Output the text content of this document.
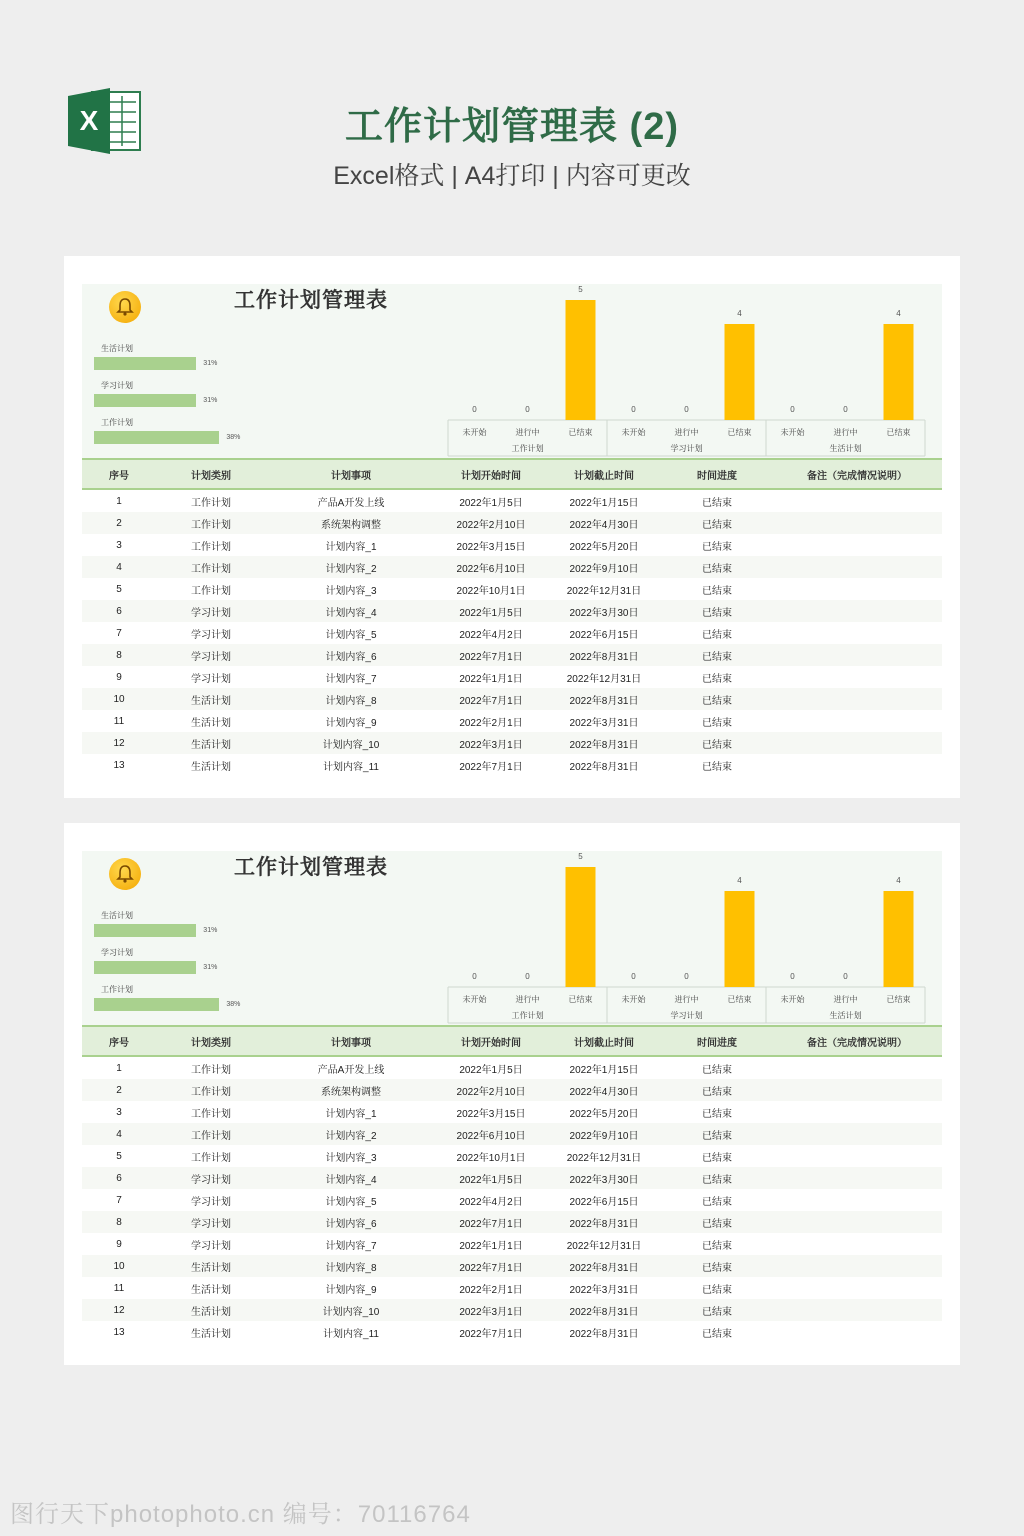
X	工作计划管理表 (2)
Excel格式 | A4打印 | 内容可更改
工作计划管理表
生活计划
31%
学习计划
31%
工作计划
38%
0
未开始
0
进行中
5
已结束
工作计划
0
未开始
0
进行中
4
已结束
学习计划
0
未开始
0
进行中
4
已结束
生活计划
序号	计划类别	计划事项	计划开始时间	计划截止时间	时间进度	备注（完成情况说明）
1	工作计划	产品A开发上线	2022年1月5日	2022年1月15日	已结束	
2	工作计划	系统架构调整	2022年2月10日	2022年4月30日	已结束	
3	工作计划	计划内容_1	2022年3月15日	2022年5月20日	已结束	
4	工作计划	计划内容_2	2022年6月10日	2022年9月10日	已结束	
5	工作计划	计划内容_3	2022年10月1日	2022年12月31日	已结束	
6	学习计划	计划内容_4	2022年1月5日	2022年3月30日	已结束	
7	学习计划	计划内容_5	2022年4月2日	2022年6月15日	已结束	
8	学习计划	计划内容_6	2022年7月1日	2022年8月31日	已结束	
9	学习计划	计划内容_7	2022年1月1日	2022年12月31日	已结束	
10	生活计划	计划内容_8	2022年7月1日	2022年8月31日	已结束	
11	生活计划	计划内容_9	2022年2月1日	2022年3月31日	已结束	
12	生活计划	计划内容_10	2022年3月1日	2022年8月31日	已结束	
13	生活计划	计划内容_11	2022年7月1日	2022年8月31日	已结束	
工作计划管理表
生活计划
31%
学习计划
31%
工作计划
38%
0
未开始
0
进行中
5
已结束
工作计划
0
未开始
0
进行中
4
已结束
学习计划
0
未开始
0
进行中
4
已结束
生活计划
序号	计划类别	计划事项	计划开始时间	计划截止时间	时间进度	备注（完成情况说明）
1	工作计划	产品A开发上线	2022年1月5日	2022年1月15日	已结束	
2	工作计划	系统架构调整	2022年2月10日	2022年4月30日	已结束	
3	工作计划	计划内容_1	2022年3月15日	2022年5月20日	已结束	
4	工作计划	计划内容_2	2022年6月10日	2022年9月10日	已结束	
5	工作计划	计划内容_3	2022年10月1日	2022年12月31日	已结束	
6	学习计划	计划内容_4	2022年1月5日	2022年3月30日	已结束	
7	学习计划	计划内容_5	2022年4月2日	2022年6月15日	已结束	
8	学习计划	计划内容_6	2022年7月1日	2022年8月31日	已结束	
9	学习计划	计划内容_7	2022年1月1日	2022年12月31日	已结束	
10	生活计划	计划内容_8	2022年7月1日	2022年8月31日	已结束	
11	生活计划	计划内容_9	2022年2月1日	2022年3月31日	已结束	
12	生活计划	计划内容_10	2022年3月1日	2022年8月31日	已结束	
13	生活计划	计划内容_11	2022年7月1日	2022年8月31日	已结束	
图行天下photophoto.cn 编号：70116764
